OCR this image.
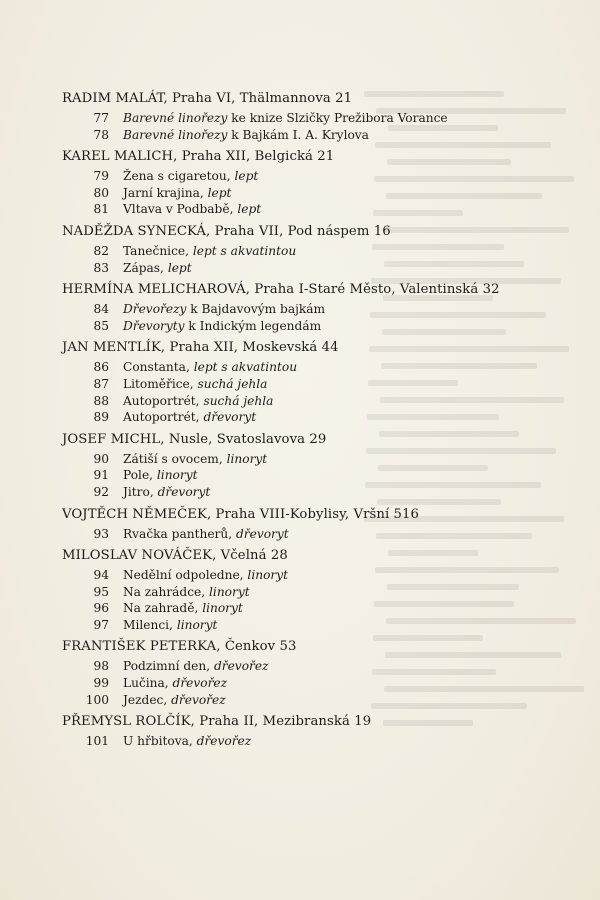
RADIM MALÁT, Praha VI, Thälmannova 21
77	Barevné linořezy ke knize Slzičky Prežibora Vorance
78	Barevné linořezy k Bajkám I. A. Krylova
KAREL MALICH, Praha XII, Belgická 21
79	Žena s cigaretou, lept
80	Jarní krajina, lept
81	Vltava v Podbabě, lept
NADĚŽDA SYNECKÁ, Praha VII, Pod náspem 16
82	Tanečnice, lept s akvatintou
83	Zápas, lept
HERMÍNA MELICHAROVÁ, Praha I-Staré Město, Valentinská 32
84	Dřevořezy k Bajdavovým bajkám
85	Dřevoryty k Indickým legendám
JAN MENTLÍK, Praha XII, Moskevská 44
86	Constanta, lept s akvatintou
87	Litoměřice, suchá jehla
88	Autoportrét, suchá jehla
89	Autoportrét, dřevoryt
JOSEF MICHL, Nusle, Svatoslavova 29
90	Zátiší s ovocem, linoryt
91	Pole, linoryt
92	Jitro, dřevoryt
VOJTĚCH NĚMEČEK, Praha VIII-Kobylisy, Vršní 516
93	Rvačka pantherů, dřevoryt
MILOSLAV NOVÁČEK, Včelná 28
94	Nedělní odpoledne, linoryt
95	Na zahrádce, linoryt
96	Na zahradě, linoryt
97	Milenci, linoryt
FRANTIŠEK PETERKA, Čenkov 53
98	Podzimní den, dřevořez
99	Lučina, dřevořez
100	Jezdec, dřevořez
PŘEMYSL ROLČÍK, Praha II, Mezibranská 19
101	U hřbitova, dřevořez
